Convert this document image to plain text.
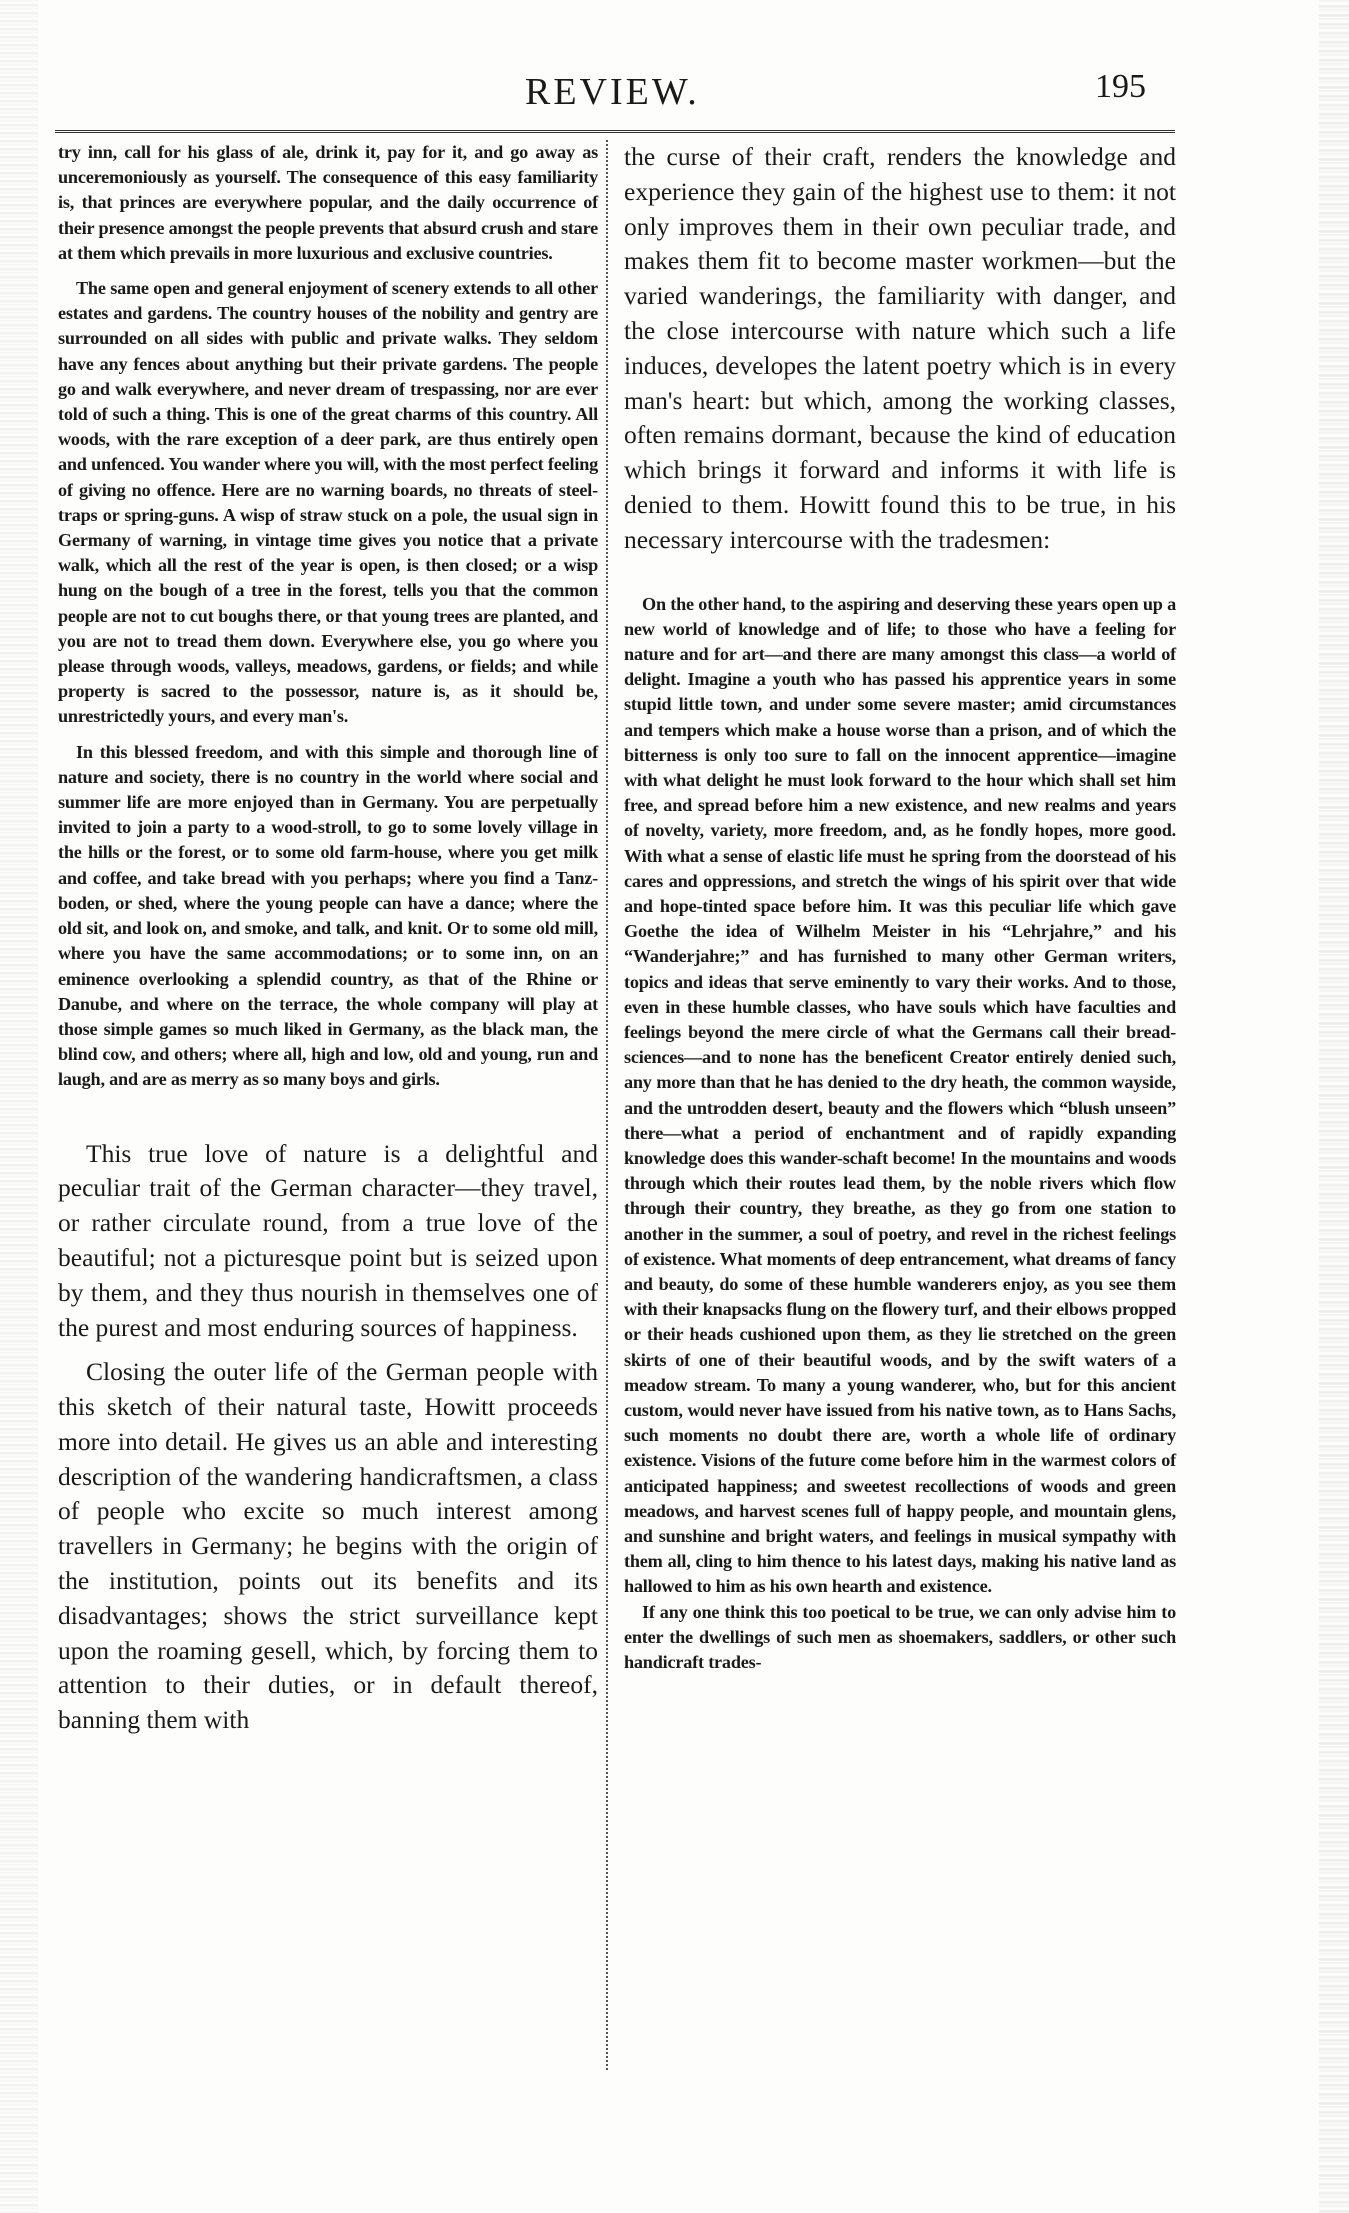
REVIEW.	195

try inn, call for his glass of ale, drink it, pay for it, and go away as unceremoniously as yourself. The consequence of this easy familiarity is, that princes are everywhere popular, and the daily occurrence of their presence amongst the people prevents that absurd crush and stare at them which prevails in more luxurious and exclusive countries.

The same open and general enjoyment of scenery extends to all other estates and gardens. The country houses of the nobility and gentry are surrounded on all sides with public and private walks. They seldom have any fences about anything but their private gardens. The people go and walk everywhere, and never dream of trespassing, nor are ever told of such a thing. This is one of the great charms of this country. All woods, with the rare exception of a deer park, are thus entirely open and unfenced. You wander where you will, with the most perfect feeling of giving no offence. Here are no warning boards, no threats of steel-traps or spring-guns. A wisp of straw stuck on a pole, the usual sign in Germany of warning, in vintage time gives you notice that a private walk, which all the rest of the year is open, is then closed; or a wisp hung on the bough of a tree in the forest, tells you that the common people are not to cut boughs there, or that young trees are planted, and you are not to tread them down. Everywhere else, you go where you please through woods, valleys, meadows, gardens, or fields; and while property is sacred to the possessor, nature is, as it should be, unrestrictedly yours, and every man's.

In this blessed freedom, and with this simple and thorough line of nature and society, there is no country in the world where social and summer life are more enjoyed than in Germany. You are perpetually invited to join a party to a wood-stroll, to go to some lovely village in the hills or the forest, or to some old farm-house, where you get milk and coffee, and take bread with you perhaps; where you find a Tanz-boden, or shed, where the young people can have a dance; where the old sit, and look on, and smoke, and talk, and knit. Or to some old mill, where you have the same accommodations; or to some inn, on an eminence overlooking a splendid country, as that of the Rhine or Danube, and where on the terrace, the whole company will play at those simple games so much liked in Germany, as the black man, the blind cow, and others; where all, high and low, old and young, run and laugh, and are as merry as so many boys and girls.

This true love of nature is a delightful and peculiar trait of the German character—they travel, or rather circulate round, from a true love of the beautiful; not a picturesque point but is seized upon by them, and they thus nourish in themselves one of the purest and most enduring sources of happiness.

Closing the outer life of the German people with this sketch of their natural taste, Howitt proceeds more into detail. He gives us an able and interesting description of the wandering handicraftsmen, a class of people who excite so much interest among travellers in Germany; he begins with the origin of the institution, points out its benefits and its disadvantages; shows the strict surveillance kept upon the roaming gesell, which, by forcing them to attention to their duties, or in default thereof, banning them with

the curse of their craft, renders the knowledge and experience they gain of the highest use to them: it not only improves them in their own peculiar trade, and makes them fit to become master workmen—but the varied wanderings, the familiarity with danger, and the close intercourse with nature which such a life induces, developes the latent poetry which is in every man's heart: but which, among the working classes, often remains dormant, because the kind of education which brings it forward and informs it with life is denied to them. Howitt found this to be true, in his necessary intercourse with the tradesmen:

On the other hand, to the aspiring and deserving these years open up a new world of knowledge and of life; to those who have a feeling for nature and for art—and there are many amongst this class—a world of delight. Imagine a youth who has passed his apprentice years in some stupid little town, and under some severe master; amid circumstances and tempers which make a house worse than a prison, and of which the bitterness is only too sure to fall on the innocent apprentice—imagine with what delight he must look forward to the hour which shall set him free, and spread before him a new existence, and new realms and years of novelty, variety, more freedom, and, as he fondly hopes, more good. With what a sense of elastic life must he spring from the doorstead of his cares and oppressions, and stretch the wings of his spirit over that wide and hope-tinted space before him. It was this peculiar life which gave Goethe the idea of Wilhelm Meister in his “Lehrjahre,” and his “Wanderjahre;” and has furnished to many other German writers, topics and ideas that serve eminently to vary their works. And to those, even in these humble classes, who have souls which have faculties and feelings beyond the mere circle of what the Germans call their bread-sciences—and to none has the beneficent Creator entirely denied such, any more than that he has denied to the dry heath, the common wayside, and the untrodden desert, beauty and the flowers which “blush unseen” there—what a period of enchantment and of rapidly expanding knowledge does this wander-schaft become! In the mountains and woods through which their routes lead them, by the noble rivers which flow through their country, they breathe, as they go from one station to another in the summer, a soul of poetry, and revel in the richest feelings of existence. What moments of deep entrancement, what dreams of fancy and beauty, do some of these humble wanderers enjoy, as you see them with their knapsacks flung on the flowery turf, and their elbows propped or their heads cushioned upon them, as they lie stretched on the green skirts of one of their beautiful woods, and by the swift waters of a meadow stream. To many a young wanderer, who, but for this ancient custom, would never have issued from his native town, as to Hans Sachs, such moments no doubt there are, worth a whole life of ordinary existence. Visions of the future come before him in the warmest colors of anticipated happiness; and sweetest recollections of woods and green meadows, and harvest scenes full of happy people, and mountain glens, and sunshine and bright waters, and feelings in musical sympathy with them all, cling to him thence to his latest days, making his native land as hallowed to him as his own hearth and existence.

If any one think this too poetical to be true, we can only advise him to enter the dwellings of such men as shoemakers, saddlers, or other such handicraft trades-
